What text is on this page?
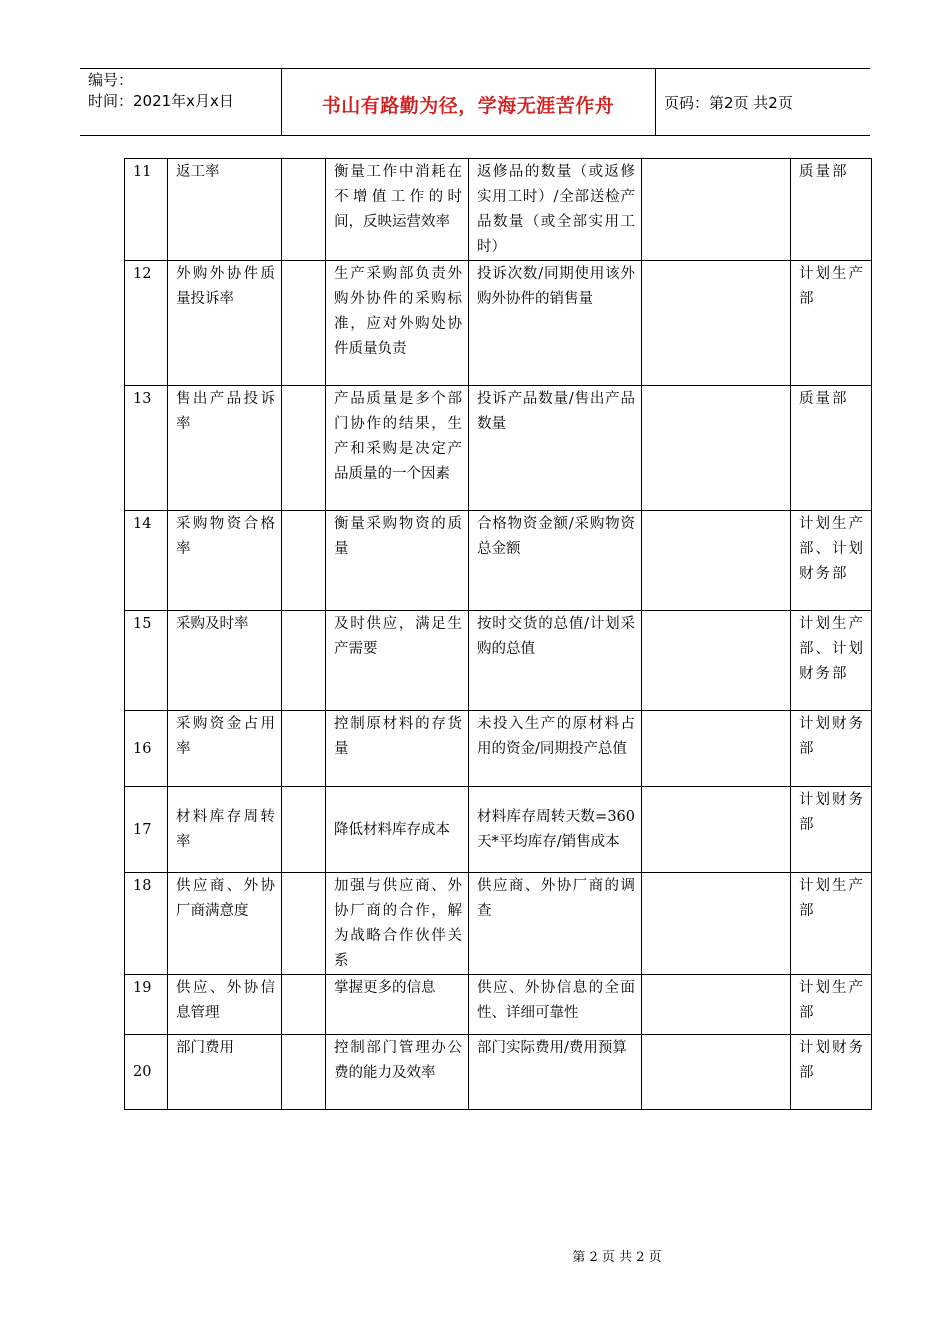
编号：
时间：2021年x月x日	书山有路勤为径，学海无涯苦作舟	页码：第2页 共2页
11	返工率		衡量工作中消耗在不增值工作的时间，反映运营效率	返修品的数量（或返修实用工时）/全部送检产品数量（或全部实用工时）		质量部
12	外购外协件质量投诉率		生产采购部负责外购外协件的采购标准，应对外购处协件质量负责	投诉次数/同期使用该外购外协件的销售量		计划生产部
13	售出产品投诉率		产品质量是多个部门协作的结果，生产和采购是决定产品质量的一个因素	投诉产品数量/售出产品数量		质量部
14	采购物资合格率		衡量采购物资的质量	合格物资金额/采购物资总金额		计划生产部、计划财务部
15	采购及时率		及时供应，满足生产需要	按时交货的总值/计划采购的总值		计划生产部、计划财务部
16	采购资金占用率		控制原材料的存货量	未投入生产的原材料占用的资金/同期投产总值		计划财务部
17	材料库存周转率		降低材料库存成本	材料库存周转天数=360天*平均库存/销售成本		计划财务部
18	供应商、外协厂商满意度		加强与供应商、外协厂商的合作，解为战略合作伙伴关系	供应商、外协厂商的调查		计划生产部
19	供应、外协信息管理		掌握更多的信息	供应、外协信息的全面性、详细可靠性		计划生产部
20	部门费用		控制部门管理办公费的能力及效率	部门实际费用/费用预算		计划财务部
第 2 页 共 2 页
